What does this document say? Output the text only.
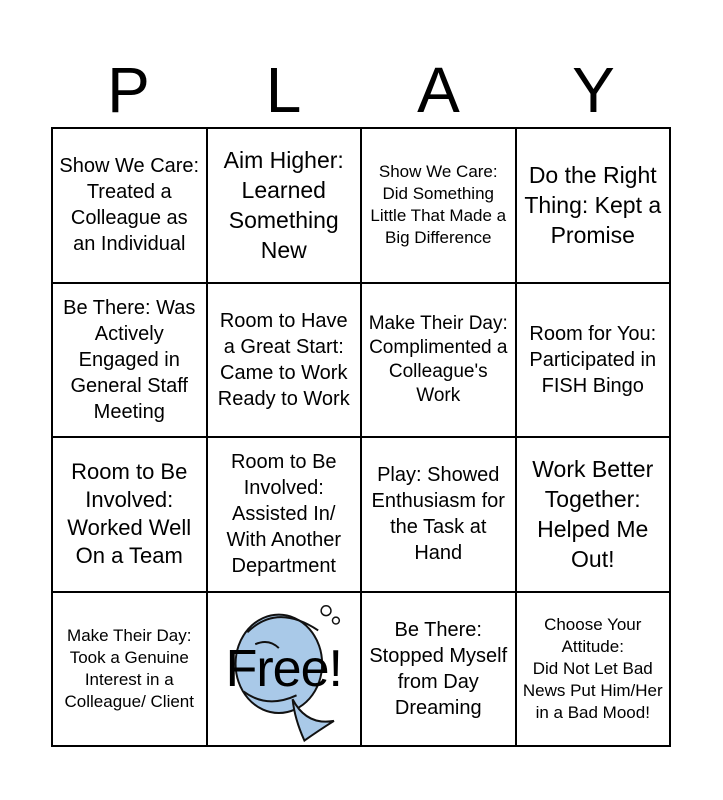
P	L	A	Y
Show We Care:
Treated a Colleague as an Individual
Aim Higher: Learned Something New
Show We Care: Did Something Little That Made a Big Difference
Do the Right Thing: Kept a Promise
Be There: Was Actively Engaged in General Staff Meeting
Room to Have a Great Start: Came to Work Ready to Work
Make Their Day: Complimented a Colleague's Work
Room for You: Participated in FISH Bingo
Room to Be Involved: Worked Well On a Team
Room to Be Involved: Assisted In/ With Another Department
Play: Showed Enthusiasm for the Task at Hand
Work Better Together: Helped Me Out!
Make Their Day:
Took a Genuine Interest in a Colleague/ Client
Free!
Be There: Stopped Myself from Day Dreaming
Choose Your Attitude:
Did Not Let Bad News Put Him/Her in a Bad Mood!
